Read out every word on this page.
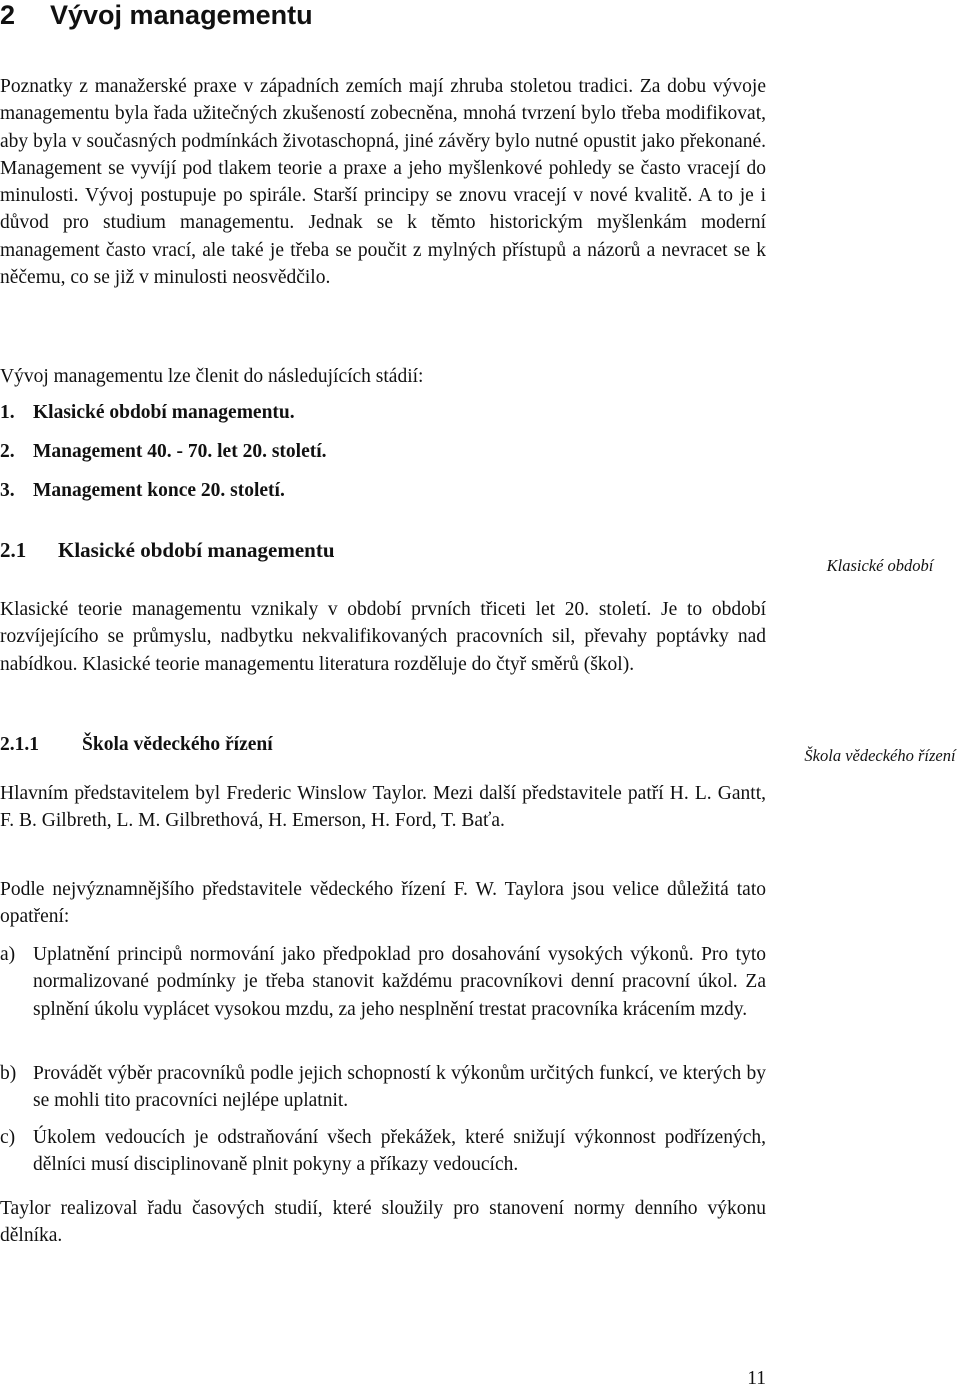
2 Vývoj managementu

Poznatky z manažerské praxe v západních zemích mají zhruba stoletou tradici. Za dobu vývoje managementu byla řada užitečných zkušeností zobecněna, mnohá tvrzení bylo třeba modifikovat, aby byla v současných podmínkách životaschopná, jiné závěry bylo nutné opustit jako překonané. Management se vyvíjí pod tlakem teorie a praxe a jeho myšlenkové pohledy se často vracejí do minulosti. Vývoj postupuje po spirále. Starší principy se znovu vracejí v nové kvalitě. A to je i důvod pro studium managementu. Jednak se k těmto historickým myšlenkám moderní management často vrací, ale také je třeba se poučit z mylných přístupů a názorů a nevracet se k něčemu, co se již v minulosti neosvědčilo.

Vývoj managementu lze členit do následujících stádií:

1. Klasické období managementu.

2. Management 40. - 70. let 20. století.

3. Management konce 20. století.

2.1 Klasické období managementu

Klasické období

Klasické teorie managementu vznikaly v období prvních třiceti let 20. století. Je to období rozvíjejícího se průmyslu, nadbytku nekvalifikovaných pracovních sil, převahy poptávky nad nabídkou. Klasické teorie managementu literatura rozděluje do čtyř směrů (škol).

2.1.1 Škola vědeckého řízení

Škola vědeckého řízení

Hlavním představitelem byl Frederic Winslow Taylor. Mezi další představitele patří H. L. Gantt, F. B. Gilbreth, L. M. Gilbrethová, H. Emerson, H. Ford, T. Baťa.

Podle nejvýznamnějšího představitele vědeckého řízení F. W. Taylora jsou velice důležitá tato opatření:

a) Uplatnění principů normování jako předpoklad pro dosahování vysokých výkonů. Pro tyto normalizované podmínky je třeba stanovit každému pracovníkovi denní pracovní úkol. Za splnění úkolu vyplácet vysokou mzdu, za jeho nesplnění trestat pracovníka krácením mzdy.
b) Provádět výběr pracovníků podle jejich schopností k výkonům určitých funkcí, ve kterých by se mohli tito pracovníci nejlépe uplatnit.
c) Úkolem vedoucích je odstraňování všech překážek, které snižují výkonnost podřízených, dělníci musí disciplinovaně plnit pokyny a příkazy vedoucích.

Taylor realizoval řadu časových studií, které sloužily pro stanovení normy denního výkonu dělníka.

11
